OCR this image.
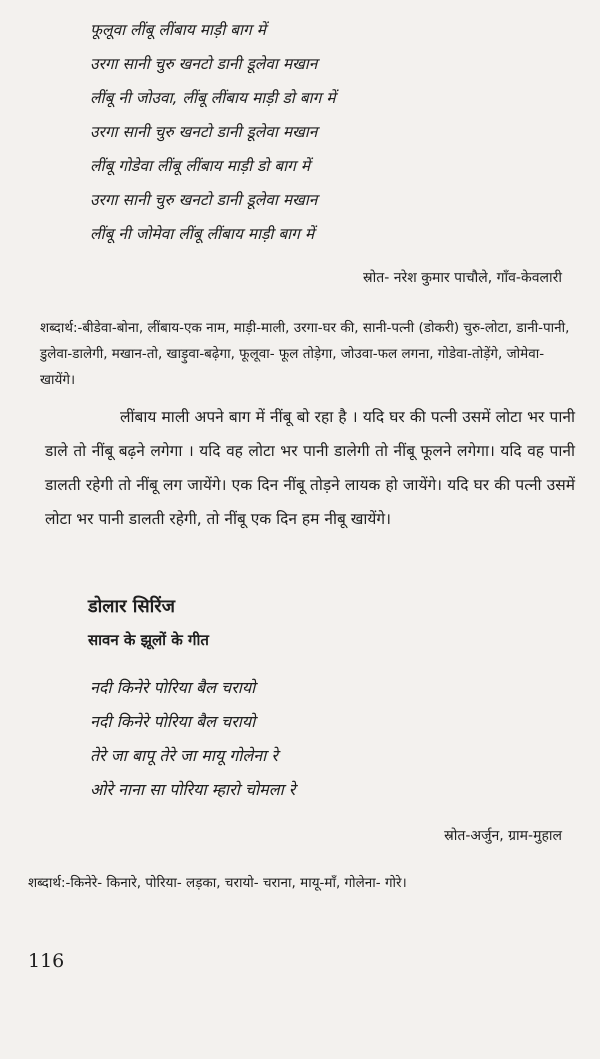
फूलूवा लींबू लींबाय माड़ी बाग में
उरगा सानी चुरु खनटो डानी डूलेवा मखान
लींबू नी जोउवा, लींबू लींबाय माड़ी डो बाग में
उरगा सानी चुरु खनटो डानी डूलेवा मखान
लींबू गोडेवा लींबू लींबाय माड़ी डो बाग में
उरगा सानी चुरु खनटो डानी डूलेवा मखान
लींबू नी जोमेवा लींबू लींबाय माड़ी बाग में
स्रोत- नरेश कुमार पाचौले, गाँव-केवलारी
शब्दार्थ:-बीडेवा-बोना, लींबाय-एक नाम, माड़ी-माली, उरगा-घर की, सानी-पत्नी (डोकरी) चुरु-लोटा, डानी-पानी, डुलेवा-डालेगी, मखान-तो, खाड़ुवा-बढ़ेगा, फूलूवा- फूल तोड़ेगा, जोउवा-फल लगना, गोडेवा-तोड़ेंगे, जोमेवा-खायेंगे।
लींबाय माली अपने बाग में नींबू बो रहा है । यदि घर की पत्नी उसमें लोटा भर पानी डाले तो नींबू बढ़ने लगेगा । यदि वह लोटा भर पानी डालेगी तो नींबू फूलने लगेगा। यदि वह पानी डालती रहेगी तो नींबू लग जायेंगे। एक दिन नींबू तोड़ने लायक हो जायेंगे। यदि घर की पत्नी उसमें लोटा भर पानी डालती रहेगी, तो नींबू एक दिन हम नीबू खायेंगे।
डोलार सिरिंज
सावन के झूलों के गीत
नदी किनेरे पोरिया बैल चरायो
नदी किनेरे पोरिया बैल चरायो
तेरे जा बापू तेरे जा मायू गोलेना रे
ओरे नाना सा पोरिया म्हारो चोमला रे
स्रोत-अर्जुन, ग्राम-मुहाल
शब्दार्थ:-किनेरे- किनारे, पोरिया- लड़का, चरायो- चराना, मायू-माँ, गोलेना- गोरे।
116
